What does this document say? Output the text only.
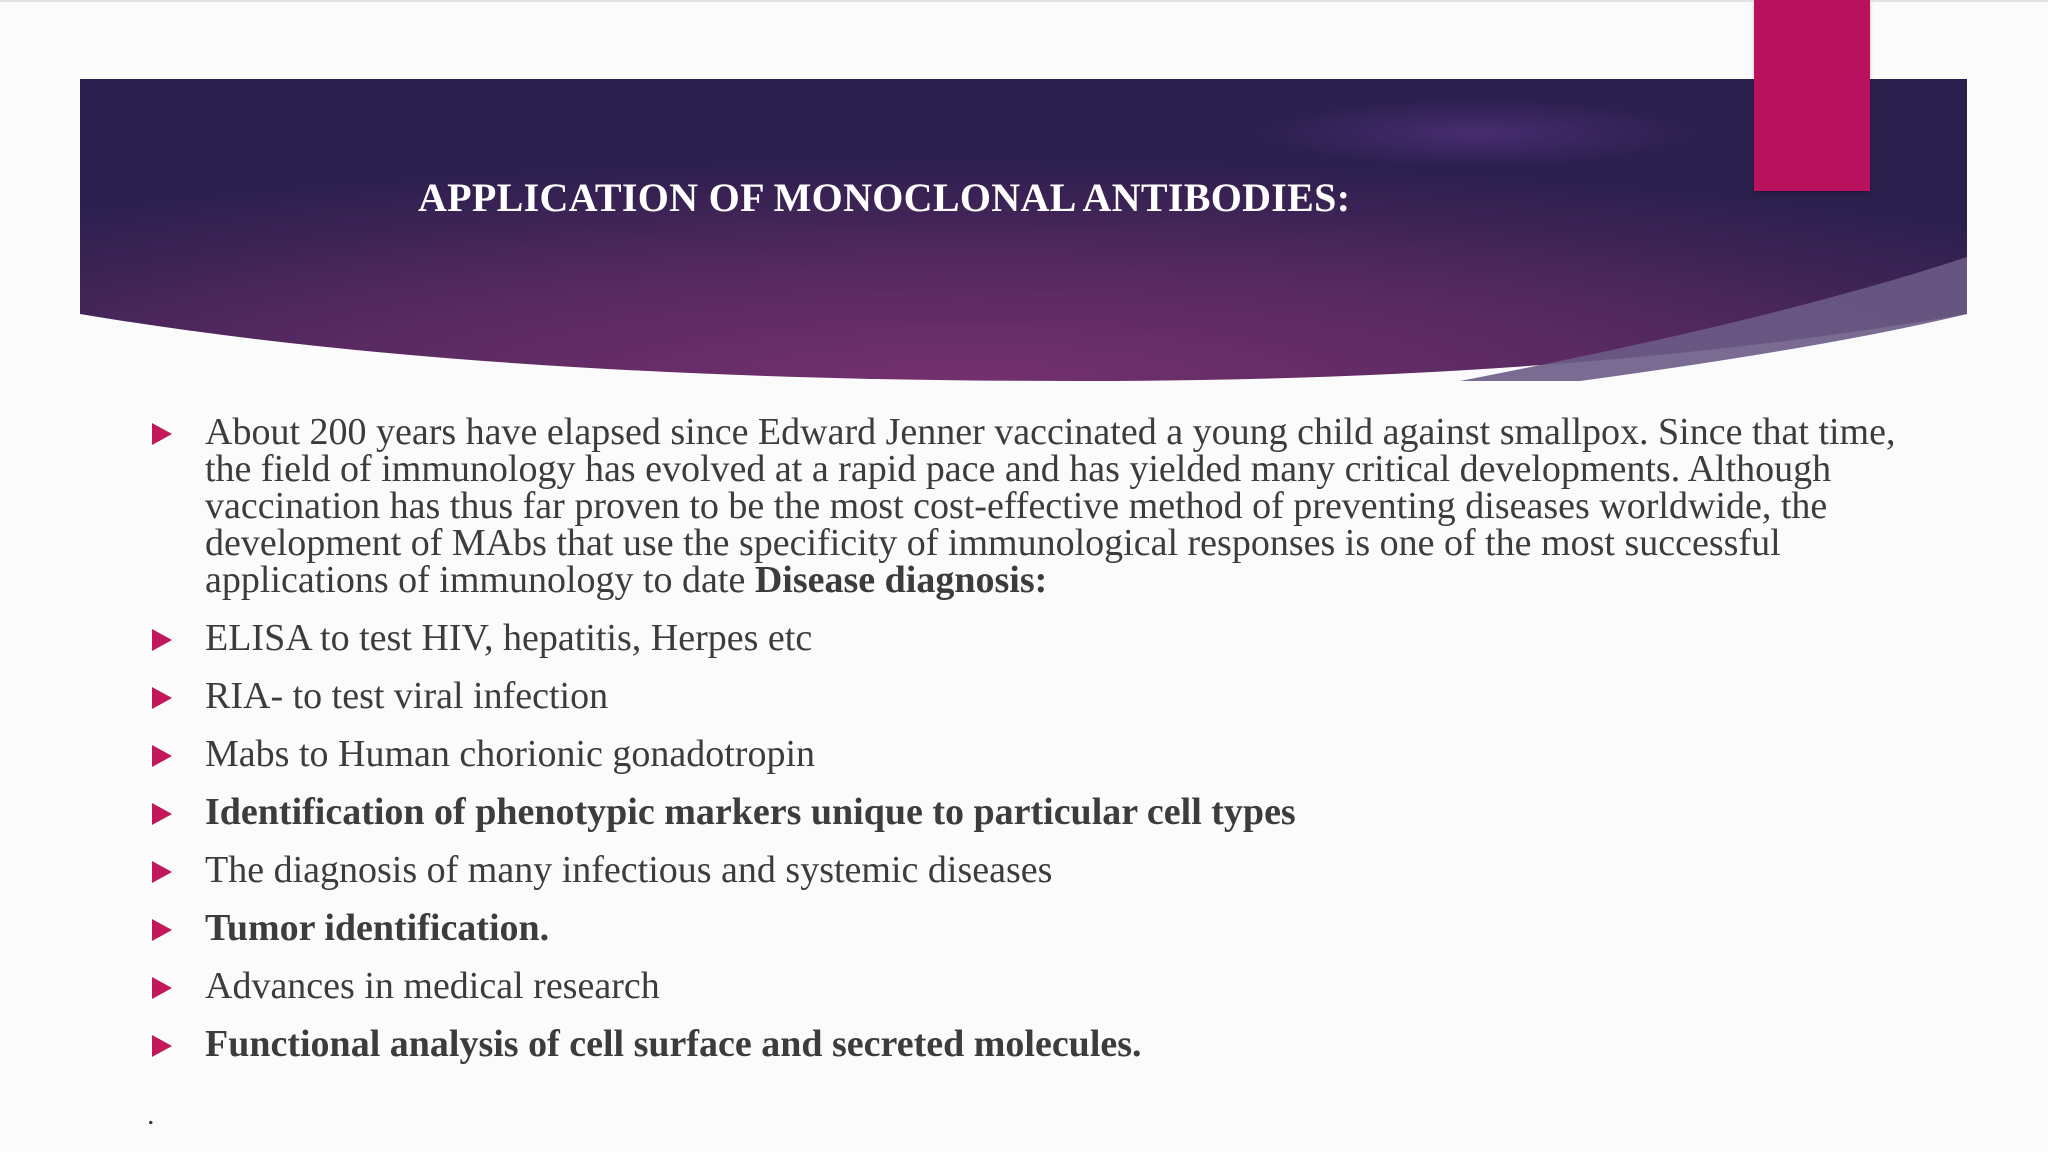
APPLICATION OF MONOCLONAL ANTIBODIES:
About 200 years have elapsed since Edward Jenner vaccinated a young child against smallpox. Since that time, the field of immunology has evolved at a rapid pace and has yielded many critical developments. Although vaccination has thus far proven to be the most cost-effective method of preventing diseases worldwide, the development of MAbs that use the specificity of immunological responses is one of the most successful applications of immunology to date Disease diagnosis:
ELISA to test HIV, hepatitis, Herpes etc
RIA- to test viral infection
Mabs to Human chorionic gonadotropin
Identification of phenotypic markers unique to particular cell types
The diagnosis of many infectious and systemic diseases
Tumor identification.
Advances in medical research
Functional analysis of cell surface and secreted molecules.
.
